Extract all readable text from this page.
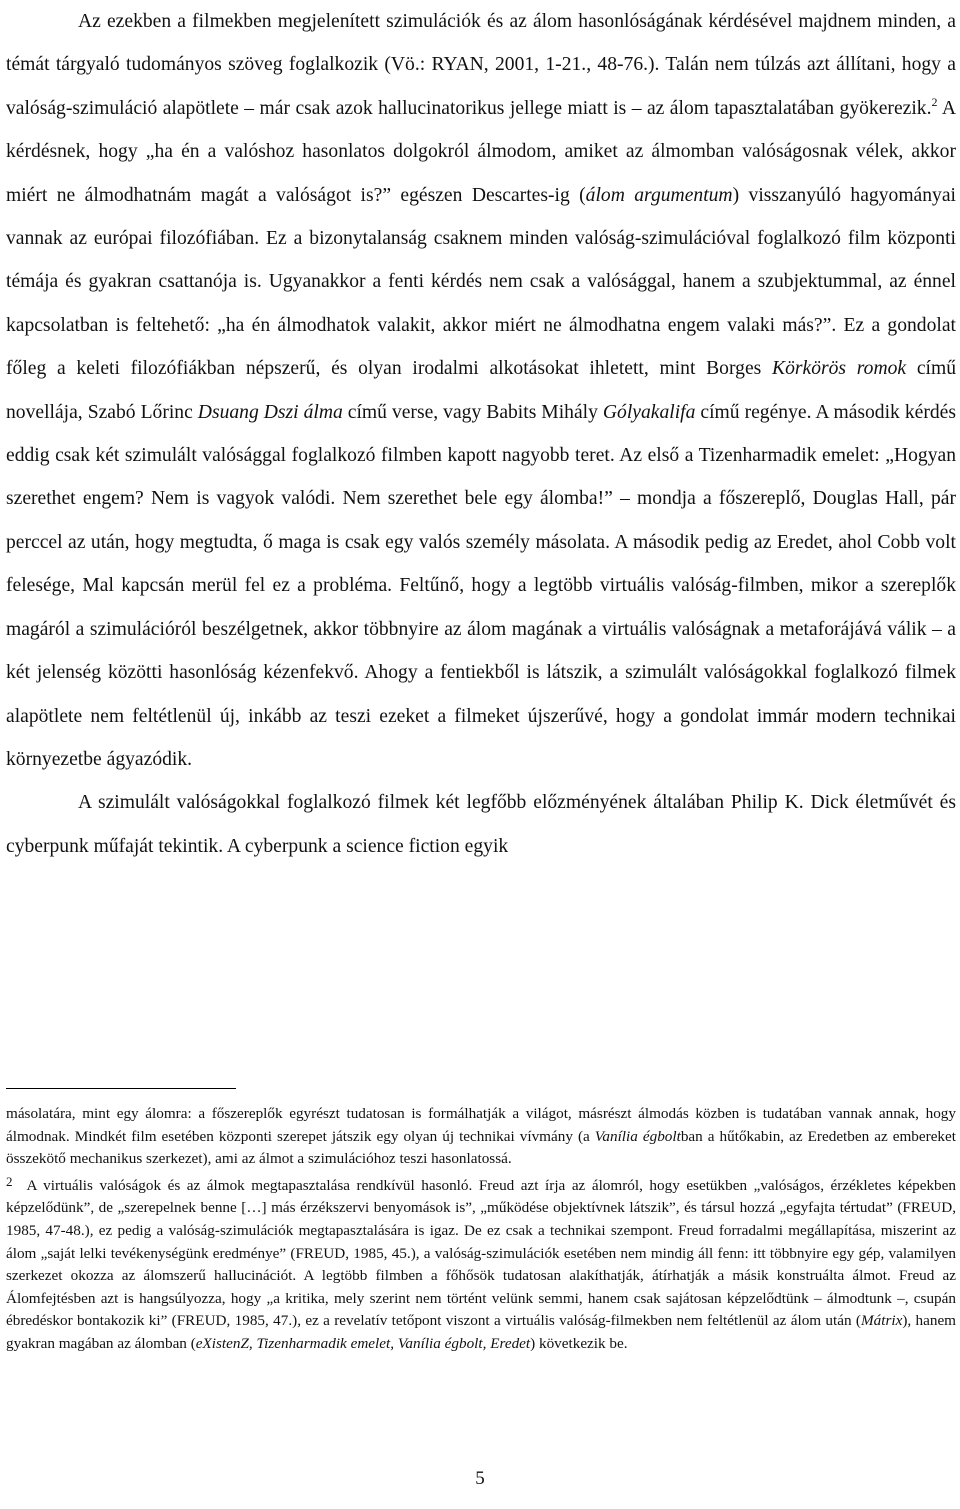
Az ezekben a filmekben megjelenített szimulációk és az álom hasonlóságának kérdésével majdnem minden, a témát tárgyaló tudományos szöveg foglalkozik (Vö.: RYAN, 2001, 1-21., 48-76.). Talán nem túlzás azt állítani, hogy a valóság-szimuláció alapötlete – már csak azok hallucinatorikus jellege miatt is – az álom tapasztalatában gyökerezik.$^2$ A kérdésnek, hogy „ha én a valóshoz hasonlatos dolgokról álmodom, amiket az álmomban valóságosnak vélek, akkor miért ne álmodhatnám magát a valóságot is?” egészen Descartes-ig (álom argumentum) visszanyúló hagyományai vannak az európai filozófiában. Ez a bizonytalanság csaknem minden valóság-szimulációval foglalkozó film központi témája és gyakran csattanója is. Ugyanakkor a fenti kérdés nem csak a valósággal, hanem a szubjektummal, az énnel kapcsolatban is feltehető: „ha én álmodhatok valakit, akkor miért ne álmodhatna engem valaki más?”. Ez a gondolat főleg a keleti filozófiákban népszerű, és olyan irodalmi alkotásokat ihletett, mint Borges Körkörös romok című novellája, Szabó Lőrinc Dsuang Dszi álma című verse, vagy Babits Mihály Gólyakalifa című regénye. A második kérdés eddig csak két szimulált valósággal foglalkozó filmben kapott nagyobb teret. Az első a Tizenharmadik emelet: „Hogyan szerethet engem? Nem is vagyok valódi. Nem szerethet bele egy álomba!” – mondja a főszereplő, Douglas Hall, pár perccel az után, hogy megtudta, ő maga is csak egy valós személy másolata. A második pedig az Eredet, ahol Cobb volt felesége, Mal kapcsán merül fel ez a probléma. Feltűnő, hogy a legtöbb virtuális valóság-filmben, mikor a szereplők magáról a szimulációról beszélgetnek, akkor többnyire az álom magának a virtuális valóságnak a metaforájává válik – a két jelenség közötti hasonlóság kézenfekvő. Ahogy a fentiekből is látszik, a szimulált valóságokkal foglalkozó filmek alapötlete nem feltétlenül új, inkább az teszi ezeket a filmeket újszerűvé, hogy a gondolat immár modern technikai környezetbe ágyazódik.

A szimulált valóságokkal foglalkozó filmek két legfőbb előzményének általában Philip K. Dick életművét és cyberpunk műfaját tekintik. A cyberpunk a science fiction egyik

másolatára, mint egy álomra: a főszereplők egyrészt tudatosan is formálhatják a világot, másrészt álmodás közben is tudatában vannak annak, hogy álmodnak. Mindkét film esetében központi szerepet játszik egy olyan új technikai vívmány (a Vanília égboltban a hűtőkabin, az Eredetben az embereket összekötő mechanikus szerkezet), ami az álmot a szimulációhoz teszi hasonlatossá.

2 A virtuális valóságok és az álmok megtapasztalása rendkívül hasonló. Freud azt írja az álomról, hogy esetükben „valóságos, érzékletes képekben képzelődünk”, de „szerepelnek benne […] más érzékszervi benyomások is”, „működése objektívnek látszik”, és társul hozzá „egyfajta tértudat” (FREUD, 1985, 47-48.), ez pedig a valóság-szimulációk megtapasztalására is igaz. De ez csak a technikai szempont. Freud forradalmi megállapítása, miszerint az álom „saját lelki tevékenységünk eredménye” (FREUD, 1985, 45.), a valóság-szimulációk esetében nem mindig áll fenn: itt többnyire egy gép, valamilyen szerkezet okozza az álomszerű hallucinációt. A legtöbb filmben a főhősök tudatosan alakíthatják, átírhatják a másik konstruálta álmot. Freud az Álomfejtésben azt is hangsúlyozza, hogy „a kritika, mely szerint nem történt velünk semmi, hanem csak sajátosan képzelődtünk – álmodtunk –, csupán ébredéskor bontakozik ki” (FREUD, 1985, 47.), ez a revelatív tetőpont viszont a virtuális valóság-filmekben nem feltétlenül az álom után (Mátrix), hanem gyakran magában az álomban (eXistenZ, Tizenharmadik emelet, Vanília égbolt, Eredet) következik be.

5
